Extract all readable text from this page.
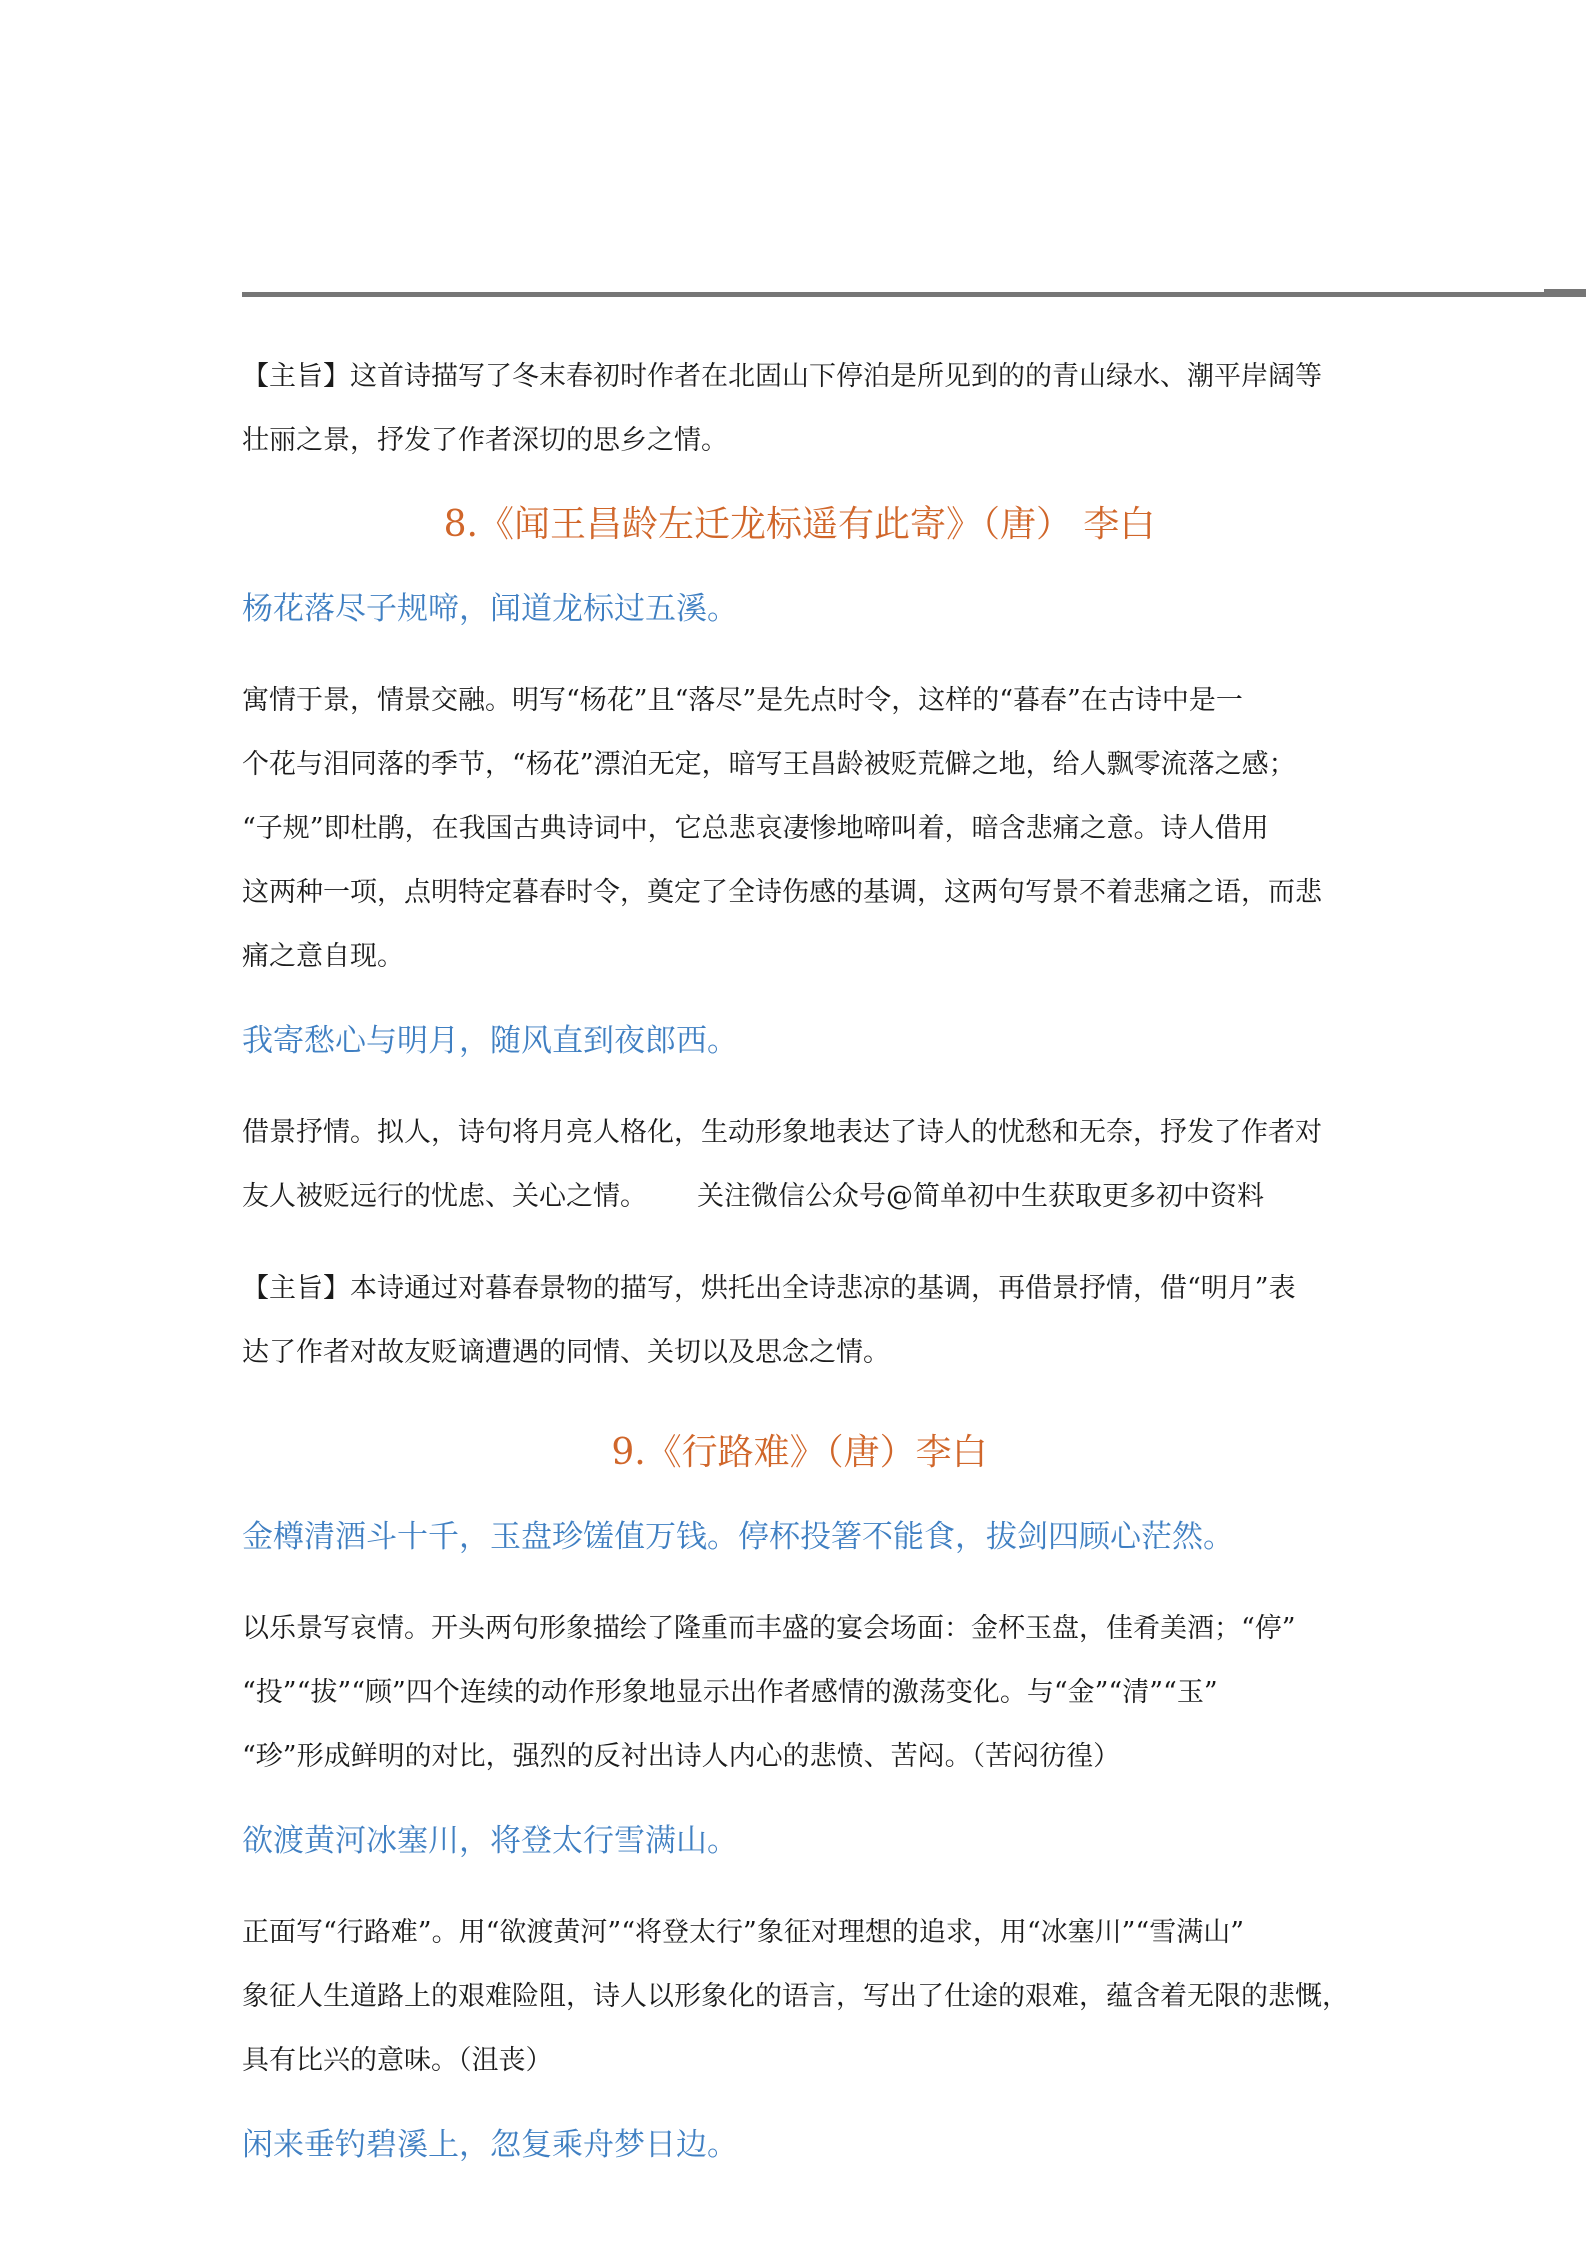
【主旨】这首诗描写了冬末春初时作者在北固山下停泊是所见到的的青山绿水、潮平岸阔等

壮丽之景，抒发了作者深切的思乡之情。

8.《闻王昌龄左迁龙标遥有此寄》（唐） 李白

杨花落尽子规啼，闻道龙标过五溪。

寓情于景，情景交融。明写“杨花”且“落尽”是先点时令，这样的“暮春”在古诗中是一

个花与泪同落的季节，“杨花”漂泊无定，暗写王昌龄被贬荒僻之地，给人飘零流落之感；

“子规”即杜鹃，在我国古典诗词中，它总悲哀凄惨地啼叫着，暗含悲痛之意。诗人借用

这两种一项，点明特定暮春时令，奠定了全诗伤感的基调，这两句写景不着悲痛之语，而悲

痛之意自现。

我寄愁心与明月，随风直到夜郎西。

借景抒情。拟人，诗句将月亮人格化，生动形象地表达了诗人的忧愁和无奈，抒发了作者对

友人被贬远行的忧虑、关心之情。 关注微信公众号@简单初中生获取更多初中资料

【主旨】本诗通过对暮春景物的描写，烘托出全诗悲凉的基调，再借景抒情，借“明月”表

达了作者对故友贬谪遭遇的同情、关切以及思念之情。

9.《行路难》（唐）李白

金樽清酒斗十千，玉盘珍馐值万钱。停杯投箸不能食，拔剑四顾心茫然。

以乐景写哀情。开头两句形象描绘了隆重而丰盛的宴会场面：金杯玉盘，佳肴美酒；“停”

“投”“拔”“顾”四个连续的动作形象地显示出作者感情的激荡变化。与“金”“清”“玉”

“珍”形成鲜明的对比，强烈的反衬出诗人内心的悲愤、苦闷。（苦闷彷徨）

欲渡黄河冰塞川，将登太行雪满山。

正面写“行路难”。用“欲渡黄河”“将登太行”象征对理想的追求，用“冰塞川”“雪满山”

象征人生道路上的艰难险阻，诗人以形象化的语言，写出了仕途的艰难，蕴含着无限的悲慨，

具有比兴的意味。（沮丧）

闲来垂钓碧溪上，忽复乘舟梦日边。
